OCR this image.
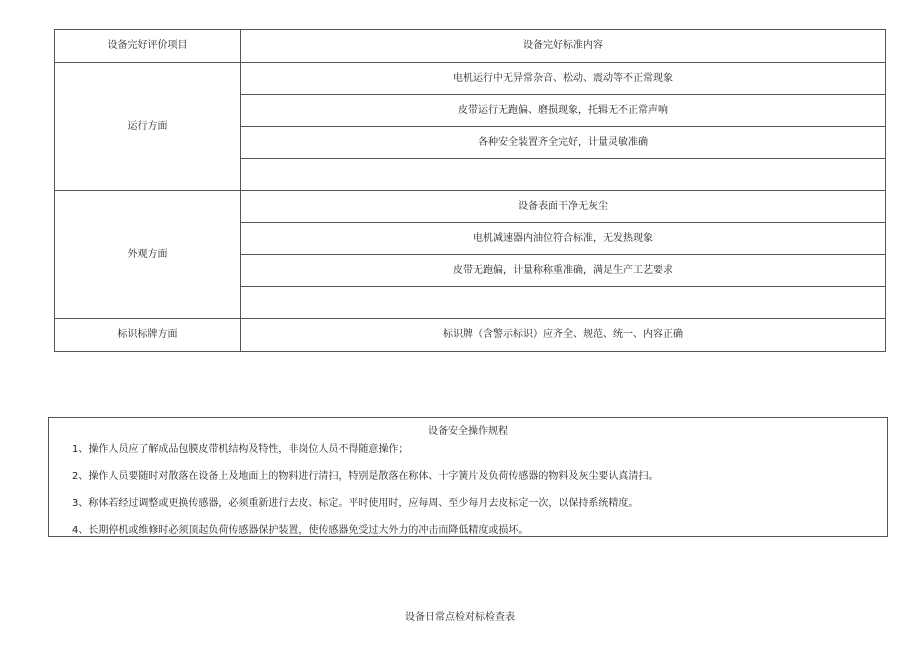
设备完好评价项目	设备完好标准内容
运行方面	电机运行中无异常杂音、松动、震动等不正常现象
	皮带运行无跑偏、磨损现象，托辑无不正常声响
	各种安全装置齐全完好，计量灵敏准确

外观方面	设备表面干净无灰尘
	电机减速器内油位符合标准，无发热现象
	皮带无跑偏，计量称称重准确，满足生产工艺要求

标识标牌方面	标识牌（含警示标识）应齐全、规范、统一、内容正确
设备安全操作规程
1、操作人员应了解成品包膜皮带机结构及特性，非岗位人员不得随意操作；
2、操作人员要随时对散落在设备上及地面上的物料进行清扫，特别是散落在称体、十字簧片及负荷传感器的物料及灰尘要认真清扫。
3、称体若经过调整或更换传感器，必须重新进行去皮、标定。平时使用时，应每周、至少每月去皮标定一次，以保持系统精度。
4、长期停机或维修时必须顶起负荷传感器保护装置，使传感器免受过大外力的冲击而降低精度或损坏。
设备日常点检对标检查表
